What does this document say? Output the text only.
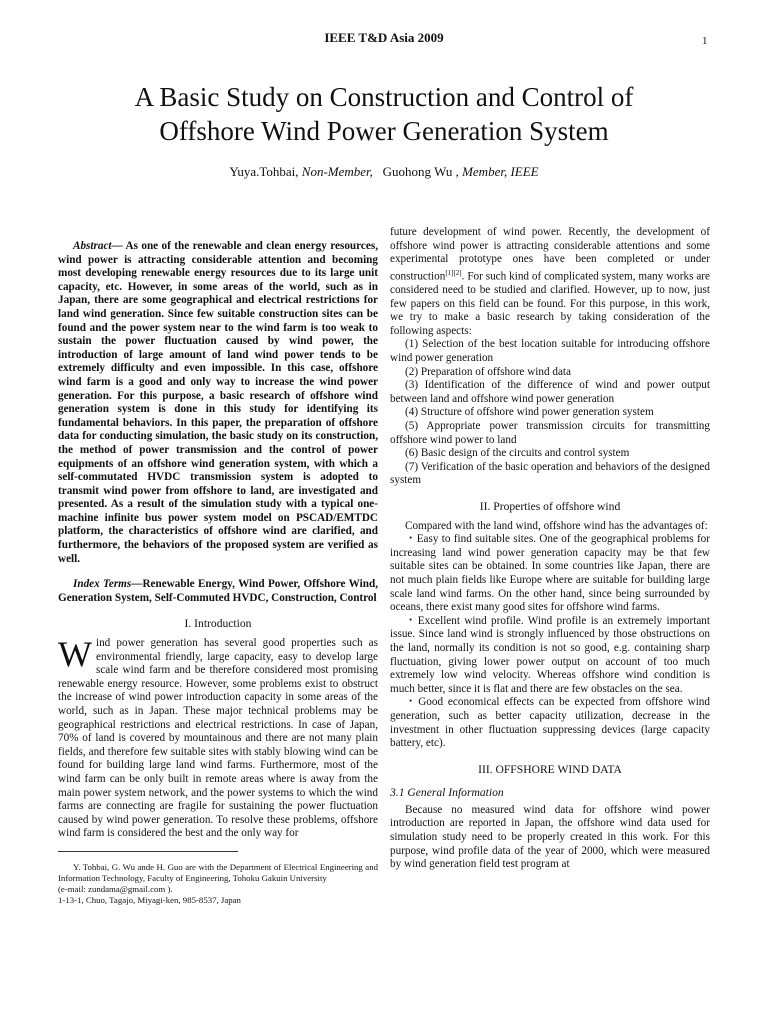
IEEE T&D Asia 2009	1
A Basic Study on Construction and Control of
Offshore Wind Power Generation System
Yuya.Tohbai, Non-Member, Guohong Wu , Member, IEEE

Abstract— As one of the renewable and clean energy resources, wind power is attracting considerable attention and becoming most developing renewable energy resources due to its large unit capacity, etc. However, in some areas of the world, such as in Japan, there are some geographical and electrical restrictions for land wind generation. Since few suitable construction sites can be found and the power system near to the wind farm is too weak to sustain the power fluctuation caused by wind power, the introduction of large amount of land wind power tends to be extremely difficulty and even impossible. In this case, offshore wind farm is a good and only way to increase the wind power generation. For this purpose, a basic research of offshore wind generation system is done in this study for identifying its fundamental behaviors. In this paper, the preparation of offshore data for conducting simulation, the basic study on its construction, the method of power transmission and the control of power equipments of an offshore wind generation system, with which a self-commutated HVDC transmission system is adopted to transmit wind power from offshore to land, are investigated and presented. As a result of the simulation study with a typical one-machine infinite bus power system model on PSCAD/EMTDC platform, the characteristics of offshore wind are clarified, and furthermore, the behaviors of the proposed system are verified as well.

Index Terms—Renewable Energy, Wind Power, Offshore Wind, Generation System, Self-Commuted HVDC, Construction, Control

I. Introduction

Wind power generation has several good properties such as environmental friendly, large capacity, easy to develop large scale wind farm and be therefore considered most promising renewable energy resource. However, some problems exist to obstruct the increase of wind power introduction capacity in some areas of the world, such as in Japan. These major technical problems may be geographical restrictions and electrical restrictions. In case of Japan, 70% of land is covered by mountainous and there are not many plain fields, and therefore few suitable sites with stably blowing wind can be found for building large land wind farms. Furthermore, most of the wind farm can be only built in remote areas where is away from the main power system network, and the power systems to which the wind farms are connecting are fragile for sustaining the power fluctuation caused by wind power generation. To resolve these problems, offshore wind farm is considered the best and the only way for

Y. Tohbai, G. Wu ande H. Guo are with the Department of Electrical Engineering and Information Technology, Faculty of Engineering, Tohoku Gakuin University

(e-mail: zundama@gmail.com ).

1-13-1, Chuo, Tagajo, Miyagi-ken, 985-8537, Japan

future development of wind power. Recently, the development of offshore wind power is attracting considerable attentions and some experimental prototype ones have been completed or under construction[1][2]. For such kind of complicated system, many works are considered need to be studied and clarified. However, up to now, just few papers on this field can be found. For this purpose, in this work, we try to make a basic research by taking consideration of the following aspects:

(1) Selection of the best location suitable for introducing offshore wind power generation

(2) Preparation of offshore wind data

(3) Identification of the difference of wind and power output between land and offshore wind power generation

(4) Structure of offshore wind power generation system

(5) Appropriate power transmission circuits for transmitting offshore wind power to land

(6) Basic design of the circuits and control system

(7) Verification of the basic operation and behaviors of the designed system

II. Properties of offshore wind

Compared with the land wind, offshore wind has the advantages of:

・Easy to find suitable sites. One of the geographical problems for increasing land wind power generation capacity may be that few suitable sites can be obtained. In some countries like Japan, there are not much plain fields like Europe where are suitable for building large scale land wind farms. On the other hand, since being surrounded by oceans, there exist many good sites for offshore wind farms.

・Excellent wind profile. Wind profile is an extremely important issue. Since land wind is strongly influenced by those obstructions on the land, normally its condition is not so good, e.g. containing sharp fluctuation, giving lower power output on account of too much extremely low wind velocity. Whereas offshore wind condition is much better, since it is flat and there are few obstacles on the sea.

・Good economical effects can be expected from offshore wind generation, such as better capacity utilization, decrease in the investment in other fluctuation suppressing devices (large capacity battery, etc).

III. OFFSHORE WIND DATA
3.1 General Information

Because no measured wind data for offshore wind power introduction are reported in Japan, the offshore wind data used for simulation study need to be properly created in this work. For this purpose, wind profile data of the year of 2000, which were measured by wind generation field test program at
